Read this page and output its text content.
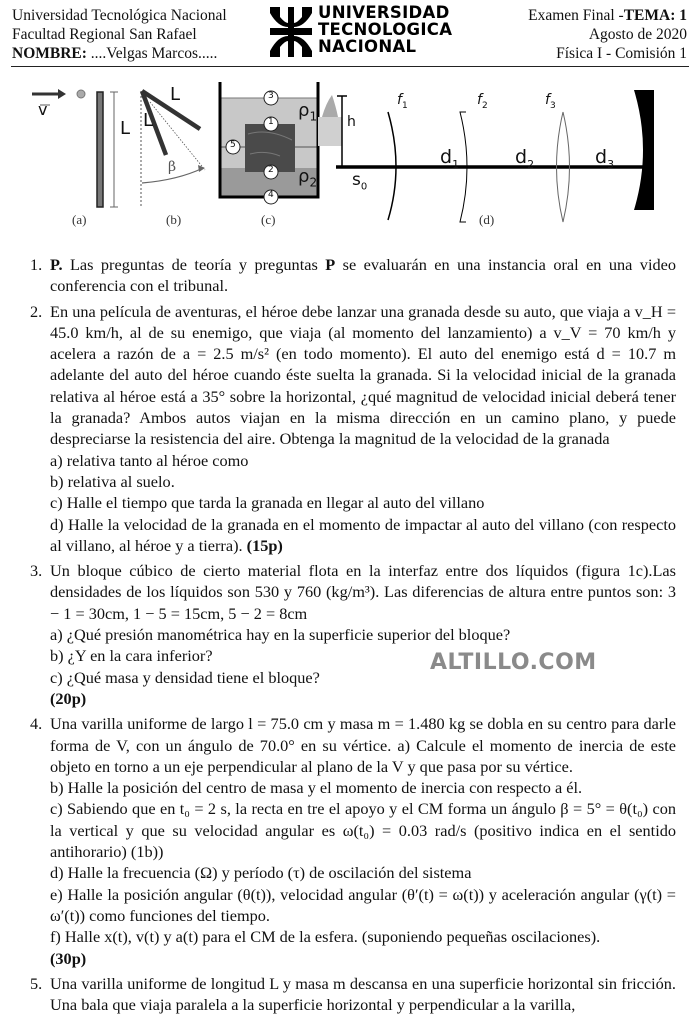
Universidad Tecnológica Nacional
Facultad Regional San Rafael
NOMBRE: ....Velgas Marcos.....
UNIVERSIDAD
TECNOLOGICA
NACIONAL
Examen Final -TEMA: 1
Agosto de 2020
Física I - Comisión 1
v
L L
L
β
3
1
2
4
5
$\rho_1$
$\rho_2$
h
$s_0$
$f_1$	$f_2$	$f_3$
$d_1$	$d_2$	$d_3$
(a)	(b)	(c)	(d)
1. P. Las preguntas de teoría y preguntas P se evaluarán en una instancia oral en una video conferencia con el tribunal.

2. En una película de aventuras, el héroe debe lanzar una granada desde su auto, que viaja a v_H = 45.0 km/h, al de su enemigo, que viaja (al momento del lanzamiento) a v_V = 70 km/h y acelera a razón de a = 2.5 m/s² (en todo momento). El auto del enemigo está d = 10.7 m adelante del auto del héroe cuando éste suelta la granada. Si la velocidad inicial de la granada relativa al héroe está a 35° sobre la horizontal, ¿qué magnitud de velocidad inicial deberá tener la granada? Ambos autos viajan en la misma dirección en un camino plano, y puede despreciarse la resistencia del aire. Obtenga la magnitud de la velocidad de la granada

a) relativa tanto al héroe como
b) relativa al suelo.
c) Halle el tiempo que tarda la granada en llegar al auto del villano
d) Halle la velocidad de la granada en el momento de impactar al auto del villano (con respecto al villano, al héroe y a tierra). (15p)
3. Un bloque cúbico de cierto material flota en la interfaz entre dos líquidos (figura 1c).Las densidades de los líquidos son 530 y 760 (kg/m³). Las diferencias de altura entre puntos son: 3 − 1 = 30cm, 1 − 5 = 15cm, 5 − 2 = 8cm

a) ¿Qué presión manométrica hay en la superficie superior del bloque?
b) ¿Y en la cara inferior?
c) ¿Qué masa y densidad tiene el bloque?
(20p)
4. Una varilla uniforme de largo l = 75.0 cm y masa m = 1.480 kg se dobla en su centro para darle forma de V, con un ángulo de 70.0° en su vértice. a) Calcule el momento de inercia de este objeto en torno a un eje perpendicular al plano de la V y que pasa por su vértice.

b) Halle la posición del centro de masa y el momento de inercia con respecto a él.
c) Sabiendo que en t₀ = 2 s, la recta en tre el apoyo y el CM forma un ángulo β = 5° = θ(t₀) con la vertical y que su velocidad angular es ω(t₀) = 0.03 rad/s (positivo indica en el sentido antihorario) (1b))
d) Halle la frecuencia (Ω) y período (τ) de oscilación del sistema
e) Halle la posición angular (θ(t)), velocidad angular (θ′(t) = ω(t)) y aceleración angular (γ(t) = ω′(t)) como funciones del tiempo.
f) Halle x(t), v(t) y a(t) para el CM de la esfera. (suponiendo pequeñas oscilaciones).
(30p)
5. Una varilla uniforme de longitud L y masa m descansa en una superficie horizontal sin fricción. Una bala que viaja paralela a la superficie horizontal y perpendicular a la varilla,

ALTILLO.COM
